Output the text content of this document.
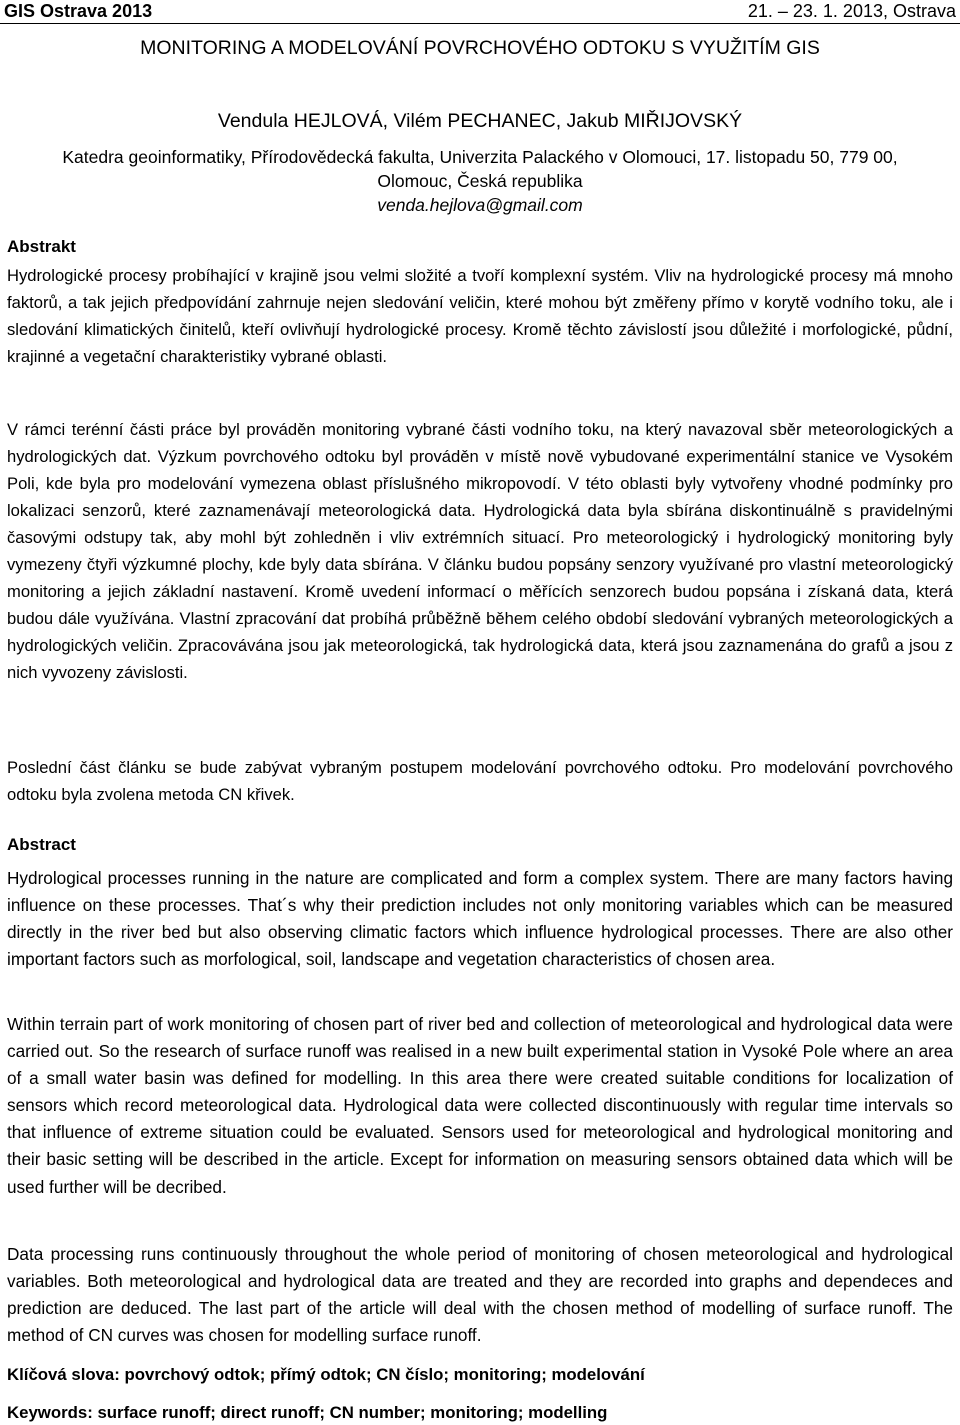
GIS Ostrava 2013	21. – 23. 1. 2013, Ostrava
MONITORING A MODELOVÁNÍ POVRCHOVÉHO ODTOKU S VYUŽITÍM GIS
Vendula HEJLOVÁ, Vilém PECHANEC, Jakub MIŘIJOVSKÝ
Katedra geoinformatiky, Přírodovědecká fakulta, Univerzita Palackého v Olomouci, 17. listopadu 50, 779 00,
Olomouc, Česká republika
venda.hejlova@gmail.com
Abstrakt
Hydrologické procesy probíhající v krajině jsou velmi složité a tvoří komplexní systém. Vliv na hydrologické procesy má mnoho faktorů, a tak jejich předpovídání zahrnuje nejen sledování veličin, které mohou být změřeny přímo v korytě vodního toku, ale i sledování klimatických činitelů, kteří ovlivňují hydrologické procesy. Kromě těchto závislostí jsou důležité i morfologické, půdní, krajinné a vegetační charakteristiky vybrané oblasti.
V rámci terénní části práce byl prováděn monitoring vybrané části vodního toku, na který navazoval sběr meteorologických a hydrologických dat. Výzkum povrchového odtoku byl prováděn v místě nově vybudované experimentální stanice ve Vysokém Poli, kde byla pro modelování vymezena oblast příslušného mikropovodí. V této oblasti byly vytvořeny vhodné podmínky pro lokalizaci senzorů, které zaznamenávají meteorologická data. Hydrologická data byla sbírána diskontinuálně s pravidelnými časovými odstupy tak, aby mohl být zohledněn i vliv extrémních situací. Pro meteorologický i hydrologický monitoring byly vymezeny čtyři výzkumné plochy, kde byly data sbírána. V článku budou popsány senzory využívané pro vlastní meteorologický monitoring a jejich základní nastavení. Kromě uvedení informací o měřících senzorech budou popsána i získaná data, která budou dále využívána. Vlastní zpracování dat probíhá průběžně během celého období sledování vybraných meteorologických a hydrologických veličin. Zpracovávána jsou jak meteorologická, tak hydrologická data, která jsou zaznamenána do grafů a jsou z nich vyvozeny závislosti.
Poslední část článku se bude zabývat vybraným postupem modelování povrchového odtoku. Pro modelování povrchového odtoku byla zvolena metoda CN křivek.
Abstract
Hydrological processes running in the nature are complicated and form a complex system. There are many factors having influence on these processes. That´s why their prediction includes not only monitoring variables which can be measured directly in the river bed but also observing climatic factors which influence hydrological processes. There are also other important factors such as morfological, soil, landscape and vegetation characteristics of chosen area.
Within terrain part of work monitoring of chosen part of river bed and collection of meteorological and hydrological data were carried out. So the research of surface runoff was realised in a new built experimental station in Vysoké Pole where an area of a small water basin was defined for modelling. In this area there were created suitable conditions for localization of sensors which record meteorological data. Hydrological data were collected discontinuously with regular time intervals so that influence of extreme situation could be evaluated. Sensors used for meteorological and hydrological monitoring and their basic setting will be described in the article. Except for information on measuring sensors obtained data which will be used further will be decribed.
Data processing runs continuously throughout the whole period of monitoring of chosen meteorological and hydrological variables. Both meteorological and hydrological data are treated and they are recorded into graphs and dependeces and prediction are deduced. The last part of the article will deal with the chosen method of modelling of surface runoff. The method of CN curves was chosen for modelling surface runoff.
Klíčová slova: povrchový odtok; přímý odtok; CN číslo; monitoring; modelování
Keywords: surface runoff; direct runoff; CN number; monitoring; modelling
